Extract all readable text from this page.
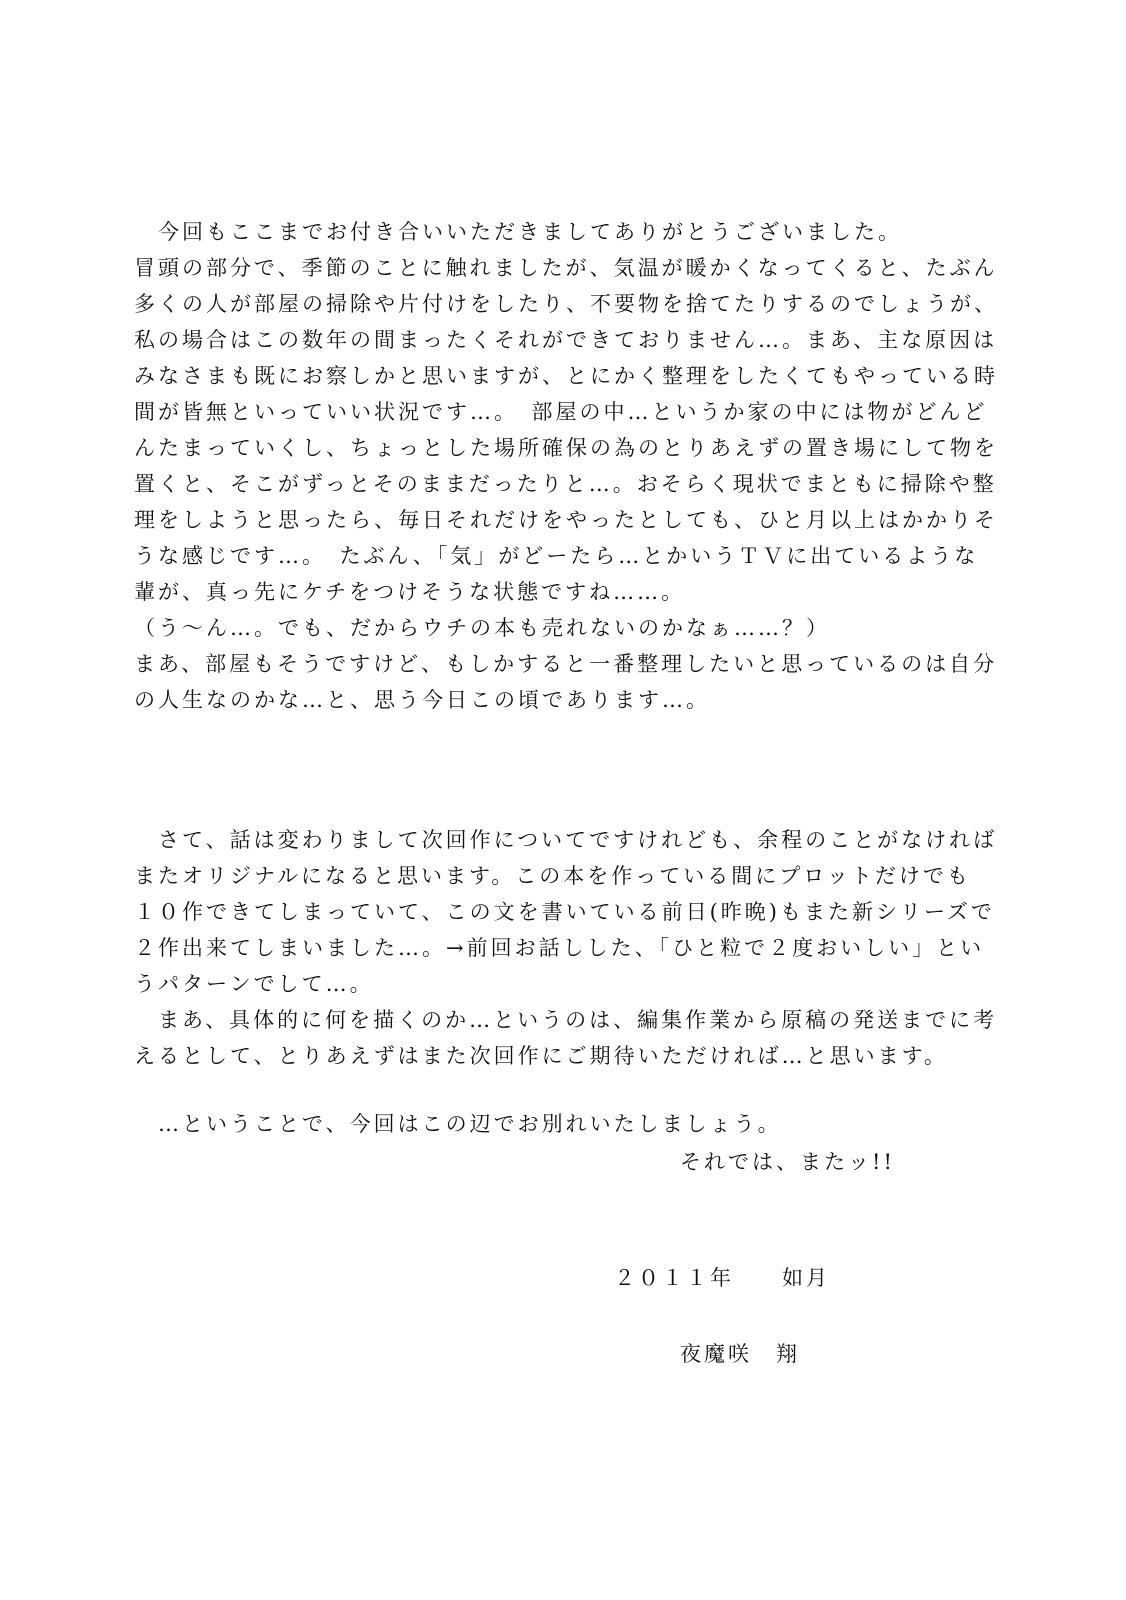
　今回もここまでお付き合いいただきましてありがとうございました。
冒頭の部分で、季節のことに触れましたが、気温が暖かくなってくると、たぶん
多くの人が部屋の掃除や片付けをしたり、不要物を捨てたりするのでしょうが、
私の場合はこの数年の間まったくそれができておりません…。まあ、主な原因は
みなさまも既にお察しかと思いますが、とにかく整理をしたくてもやっている時
間が皆無といっていい状況です…。　部屋の中…というか家の中には物がどんど
んたまっていくし、ちょっとした場所確保の為のとりあえずの置き場にして物を
置くと、そこがずっとそのままだったりと…。おそらく現状でまともに掃除や整
理をしようと思ったら、毎日それだけをやったとしても、ひと月以上はかかりそ
うな感じです…。　たぶん、「気」がどーたら…とかいうＴＶに出ているような
輩が、真っ先にケチをつけそうな状態ですね……。
（う～ん…。でも、だからウチの本も売れないのかなぁ……？）
まあ、部屋もそうですけど、もしかすると一番整理したいと思っているのは自分
の人生なのかな…と、思う今日この頃であります…。
　さて、話は変わりまして次回作についてですけれども、余程のことがなければ
またオリジナルになると思います。この本を作っている間にプロットだけでも
１０作できてしまっていて、この文を書いている前日(昨晩)もまた新シリーズで
２作出来てしまいました…。→前回お話しした、「ひと粒で２度おいしい」とい
うパターンでして…。
　まあ、具体的に何を描くのか…というのは、編集作業から原稿の発送までに考
えるとして、とりあえずはまた次回作にご期待いただければ…と思います。
　…ということで、今回はこの辺でお別れいたしましょう。
それでは、またッ!!
２０１１年　　如月
夜魔咲　翔
